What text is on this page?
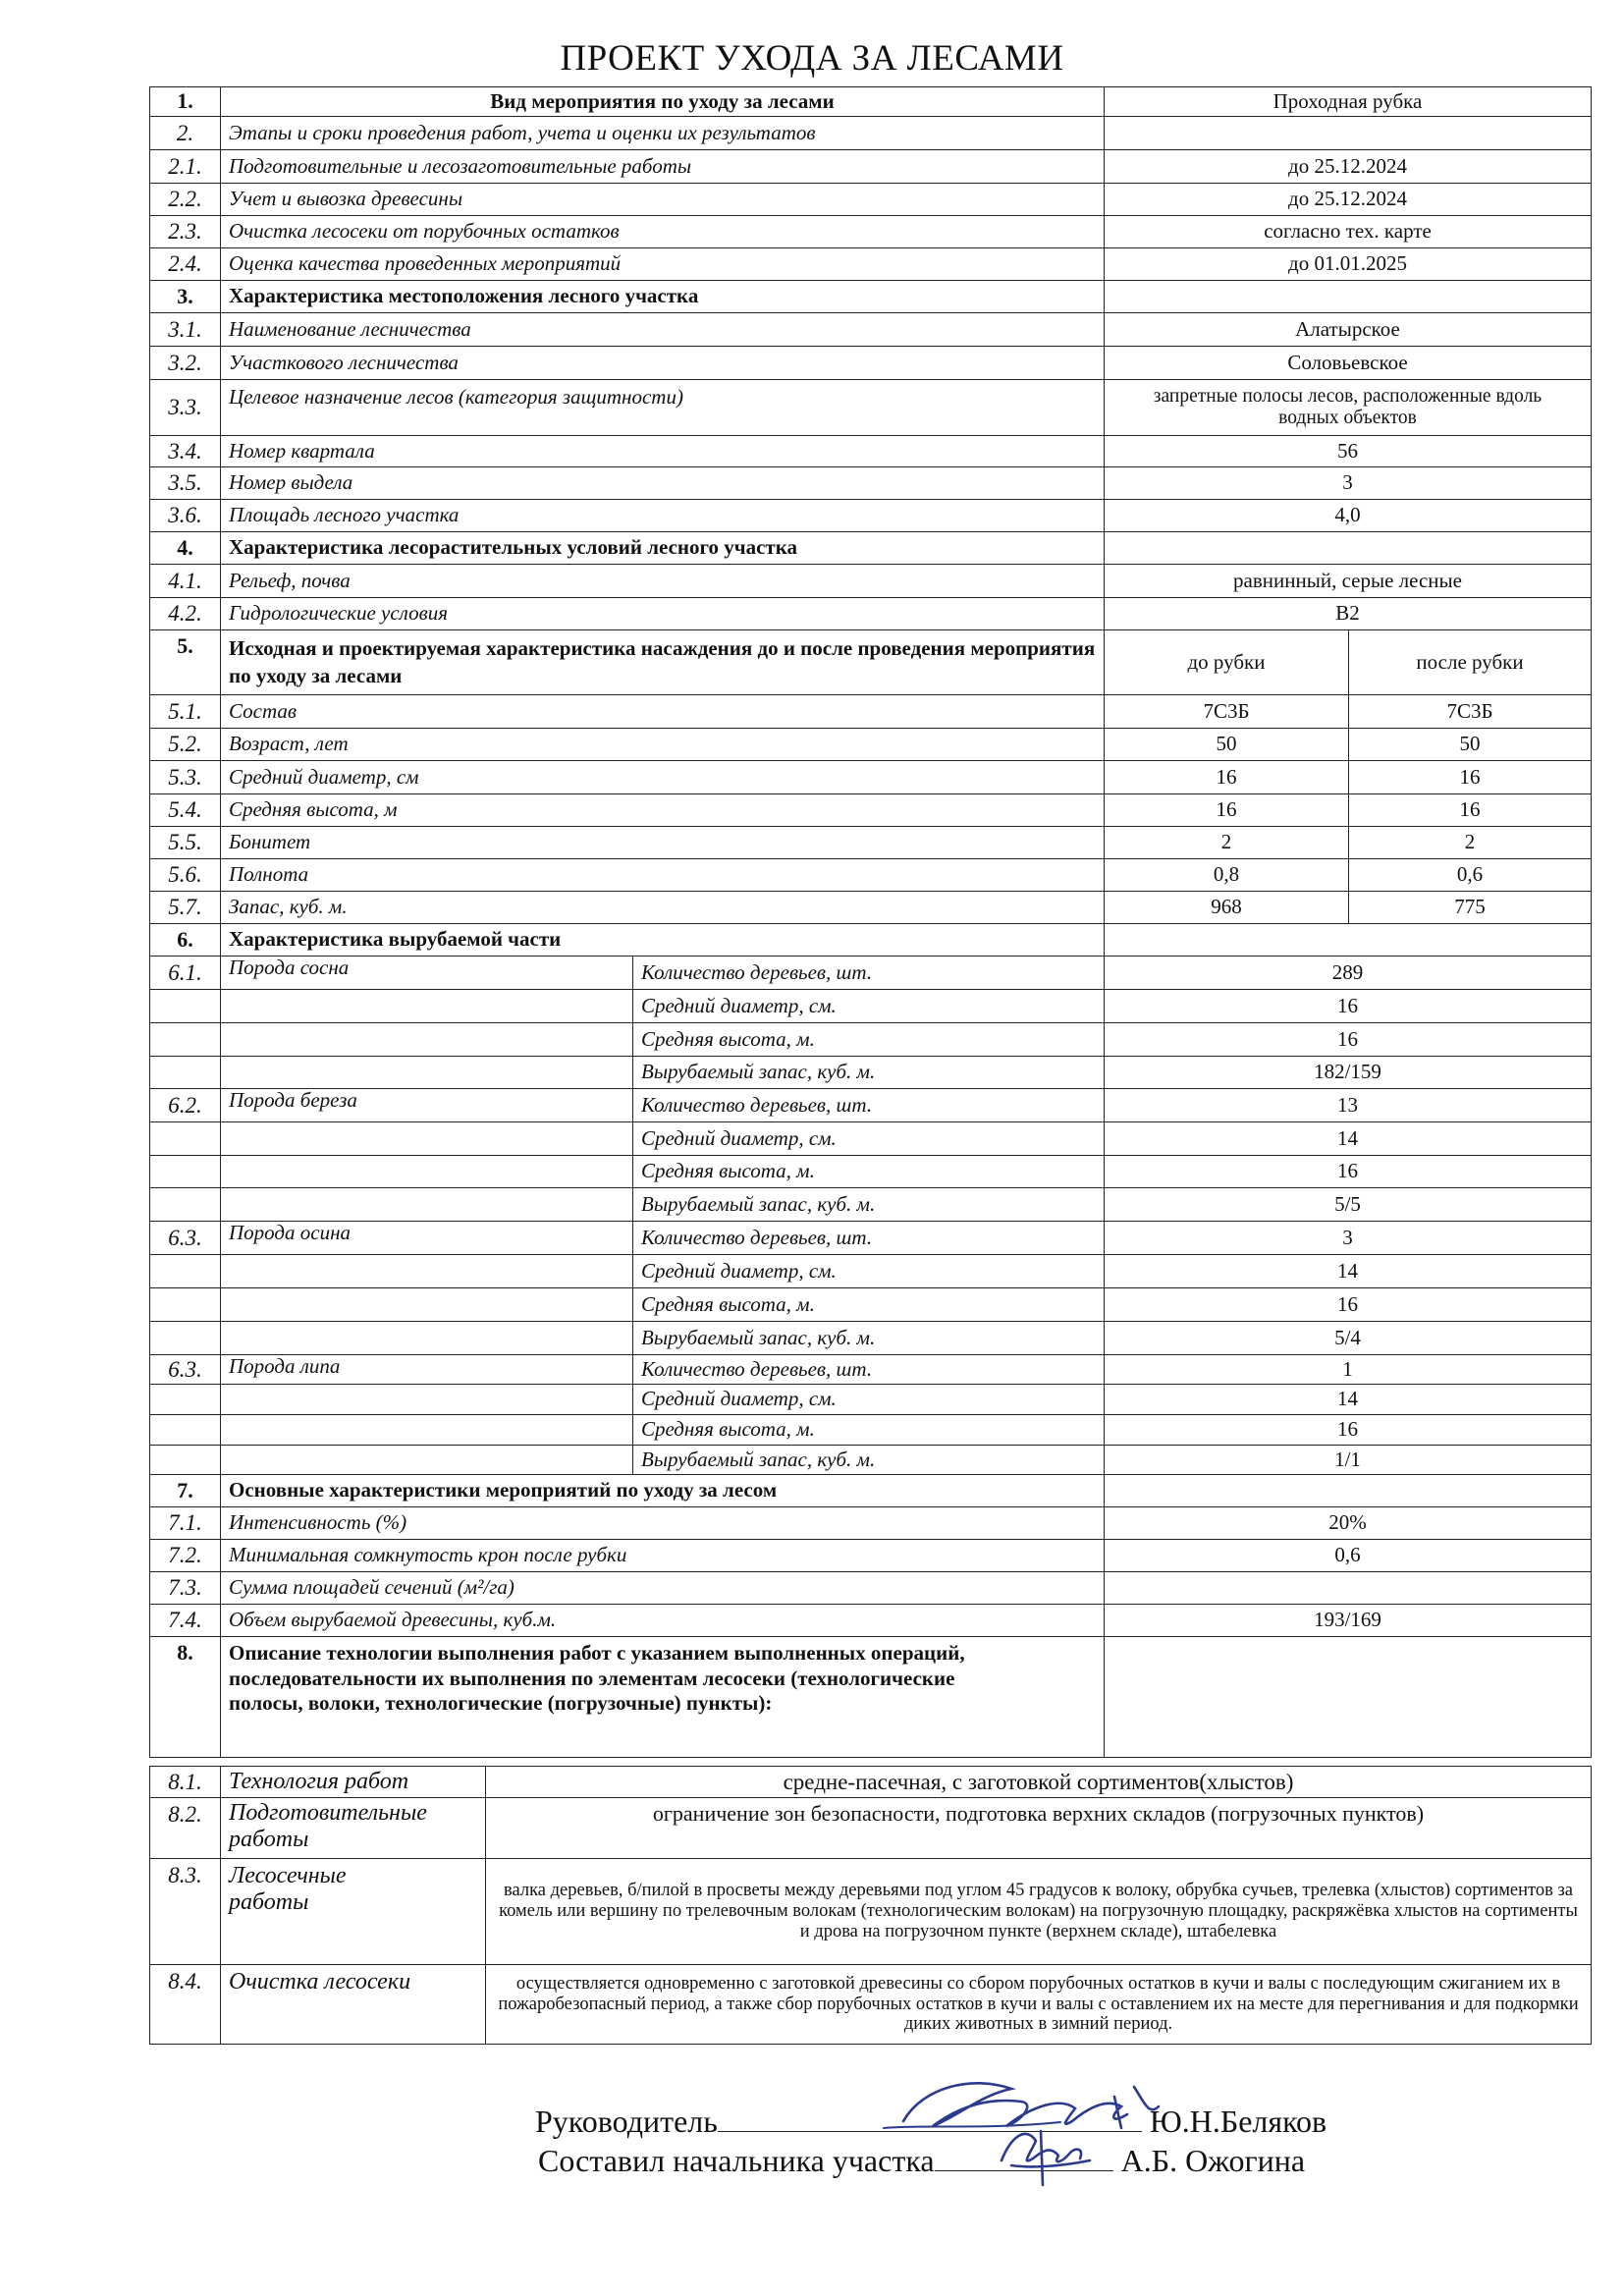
ПРОЕКТ УХОДА ЗА ЛЕСАМИ
1.	Вид мероприятия по уходу за лесами		Проходная рубка	
2.	Этапы и сроки проведения работ, учета и оценки их результатов			
2.1.	Подготовительные и лесозаготовительные работы		до 25.12.2024	
2.2.	Учет и вывозка древесины		до 25.12.2024	
2.3.	Очистка лесосеки от порубочных остатков		согласно тех. карте	
2.4.	Оценка качества проведенных мероприятий		до 01.01.2025	
3.	Характеристика местоположения лесного участка			
3.1.	Наименование лесничества		Алатырское	
3.2.	Участкового лесничества		Соловьевское	
3.3.	Целевое назначение лесов (категория защитности)		запретные полосы лесов, расположенные вдоль водных объектов	
3.4.	Номер квартала		56	
3.5.	Номер выдела		3	
3.6.	Площадь лесного участка		4,0	
4.	Характеристика лесорастительных условий лесного участка			
4.1.	Рельеф, почва		равнинный, серые лесные	
4.2.	Гидрологические условия		В2	
5.	Исходная и проектируемая характеристика насаждения до и после проведения мероприятия по уходу за лесами		до рубки	после рубки
5.1.	Состав		7С3Б	7С3Б
5.2.	Возраст, лет		50	50
5.3.	Средний диаметр, см		16	16
5.4.	Средняя высота, м		16	16
5.5.	Бонитет		2	2
5.6.	Полнота		0,8	0,6
5.7.	Запас, куб. м.		968	775
6.	Характеристика вырубаемой части			
6.1.	Порода сосна	Количество деревьев, шт.	289	
		Средний диаметр, см.	16	
		Средняя высота, м.	16	
		Вырубаемый запас, куб. м.	182/159	
6.2.	Порода береза	Количество деревьев, шт.	13	
		Средний диаметр, см.	14	
		Средняя высота, м.	16	
		Вырубаемый запас, куб. м.	5/5	
6.3.	Порода осина	Количество деревьев, шт.	3	
		Средний диаметр, см.	14	
		Средняя высота, м.	16	
		Вырубаемый запас, куб. м.	5/4	
6.3.	Порода липа	Количество деревьев, шт.	1	
		Средний диаметр, см.	14	
		Средняя высота, м.	16	
		Вырубаемый запас, куб. м.	1/1	
7.	Основные характеристики мероприятий по уходу за лесом			
7.1.	Интенсивность (%)		20%	
7.2.	Минимальная сомкнутость крон после рубки		0,6	
7.3.	Сумма площадей сечений (м²/га)			
7.4.	Объем вырубаемой древесины, куб.м.		193/169	
8.	Описание технологии выполнения работ с указанием выполненных операций, последовательности их выполнения по элементам лесосеки (технологические полосы, волоки, технологические (погрузочные) пункты):			
8.1.	Технология работ	средне-пасечная, с заготовкой сортиментов(хлыстов)
8.2.	Подготовительные работы	ограничение зон безопасности, подготовка верхних складов (погрузочных пунктов)
8.3.	Лесосечные работы	валка деревьев, б/пилой в просветы между деревьями под углом 45 градусов к волоку, обрубка сучьев, трелевка (хлыстов) сортиментов за комель или вершину по трелевочным волокам (технологическим волокам) на погрузочную площадку, раскряжёвка хлыстов на сортименты и дрова на погрузочном пункте (верхнем складе), штабелевка
8.4.	Очистка лесосеки	осуществляется одновременно с заготовкой древесины со сбором порубочных остатков в кучи и валы с последующим сжиганием их в пожаробезопасный период, а также сбор порубочных остатков в кучи и валы с оставлением их на месте для перегнивания и для подкормки диких животных в зимний период.
Руководитель	Ю.Н.Беляков
Составил начальника участка	А.Б. Ожогина
